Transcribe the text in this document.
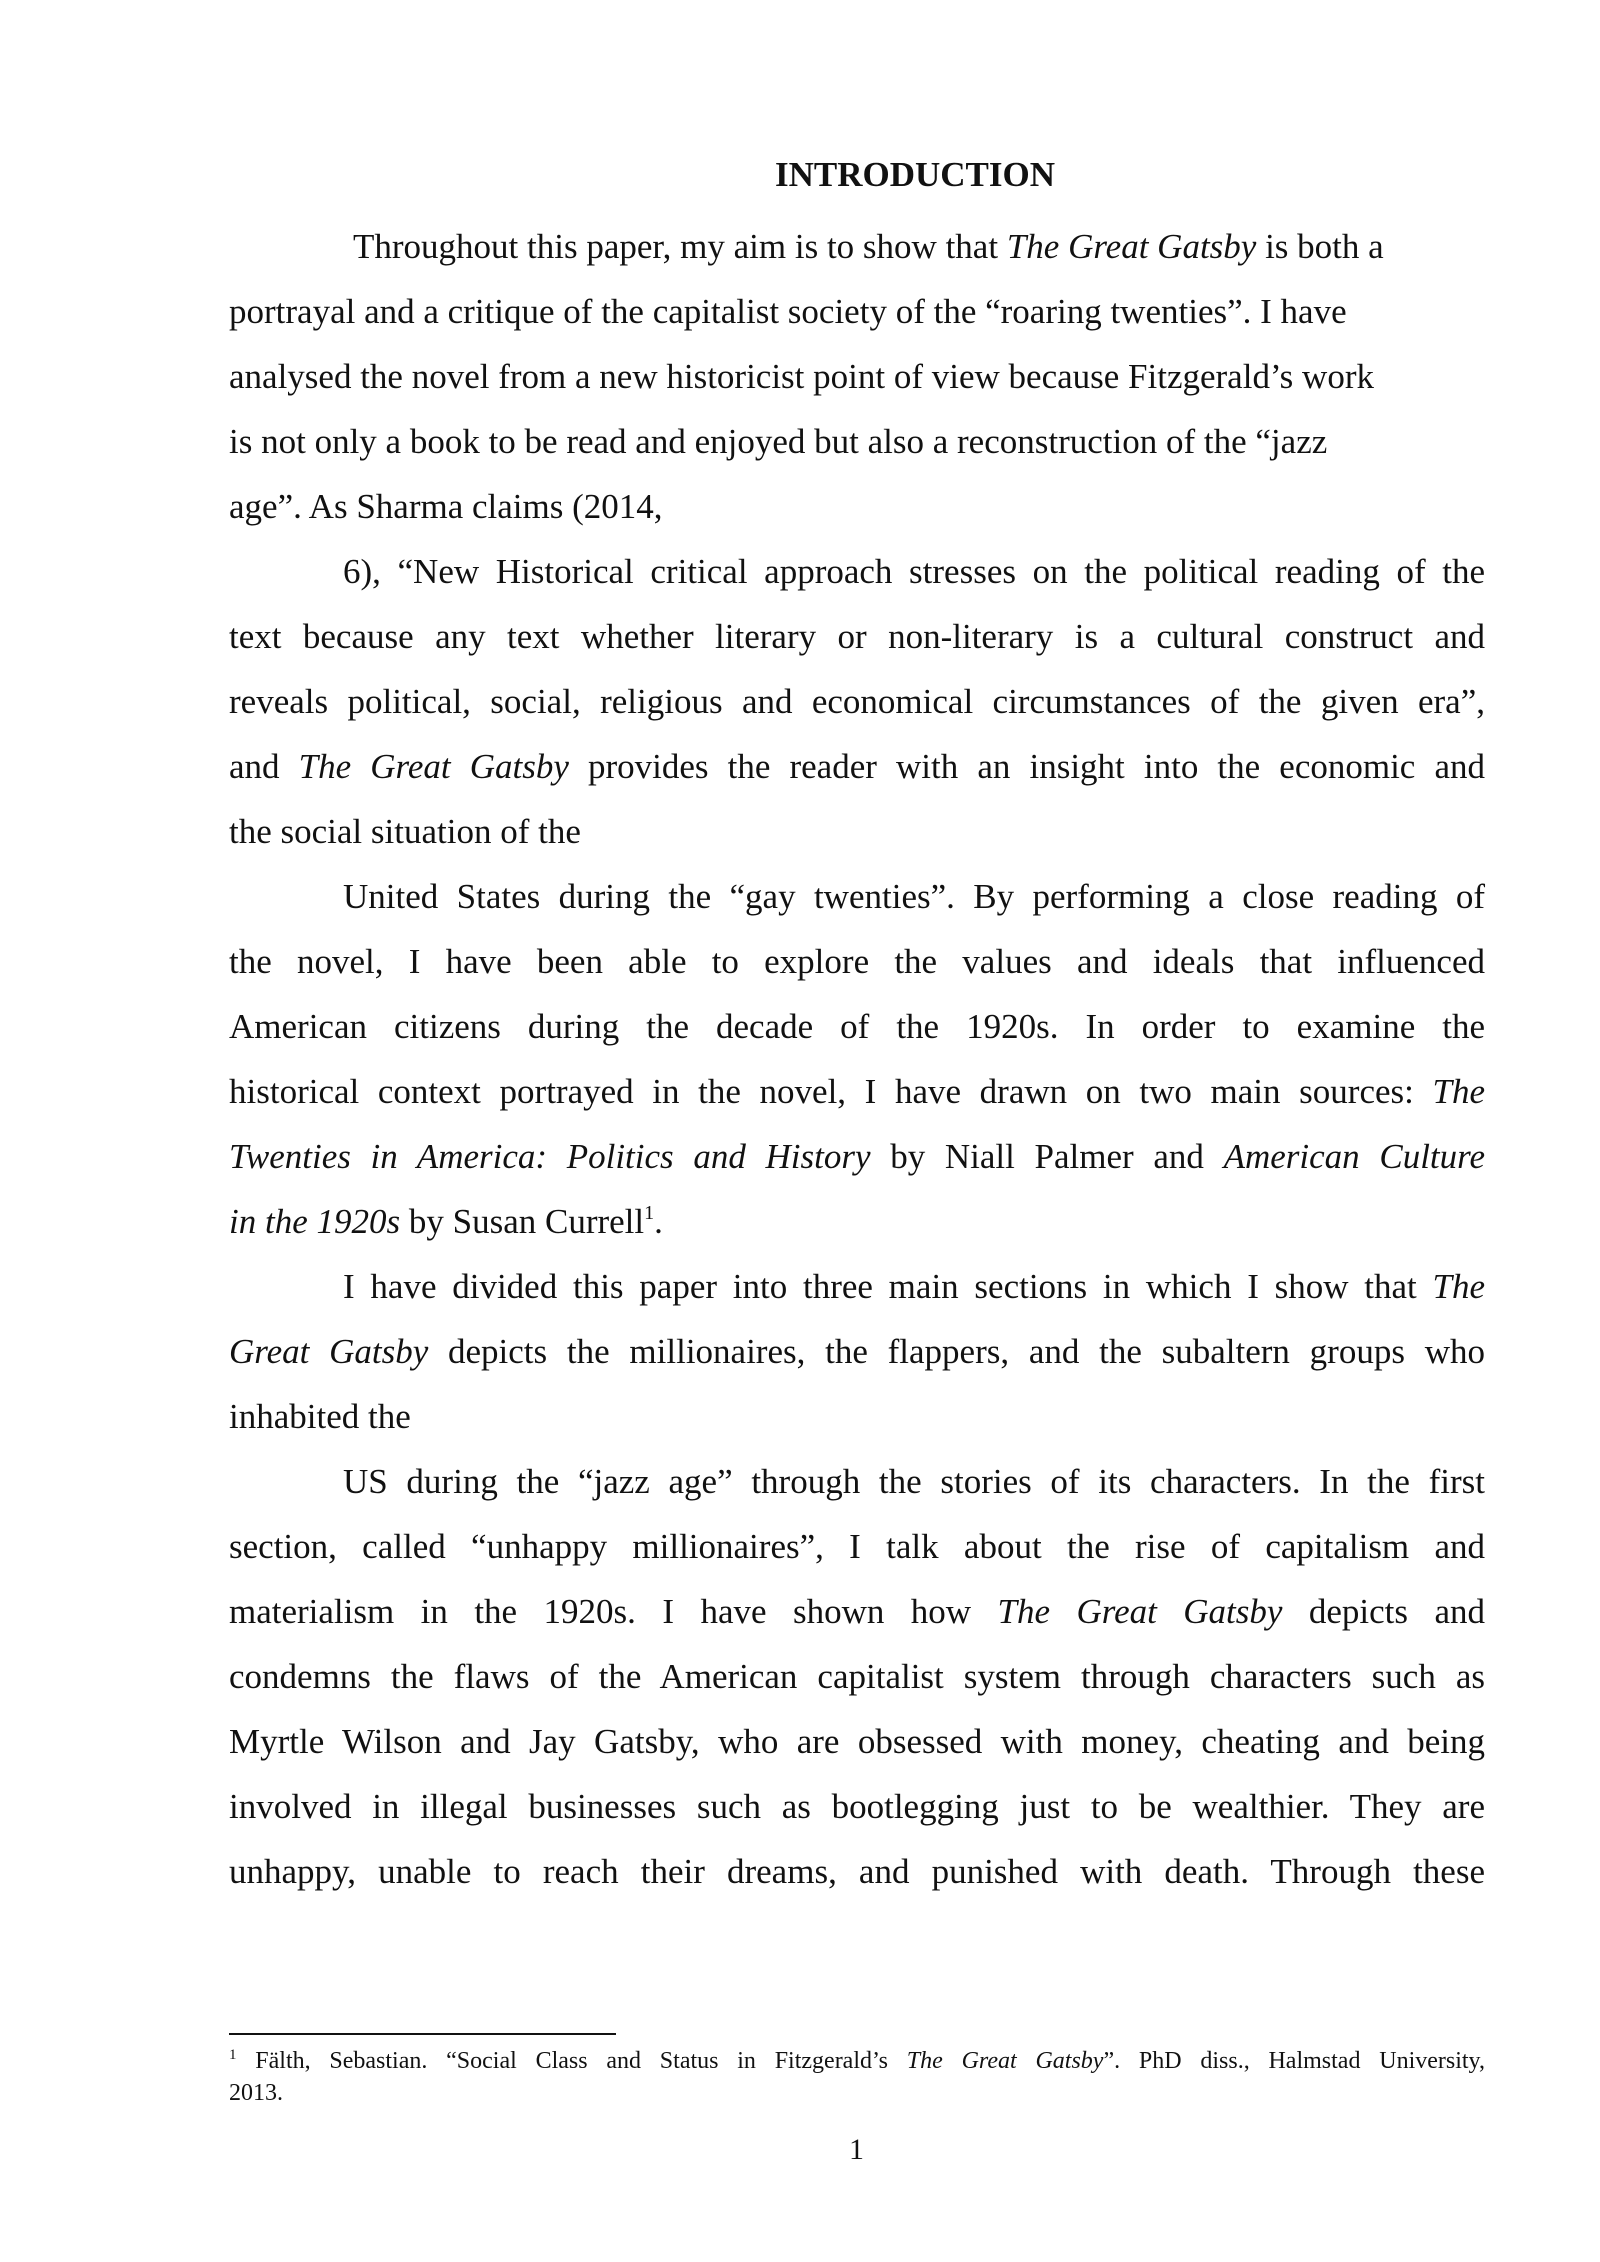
INTRODUCTION
Throughout this paper, my aim is to show that The Great Gatsby is both a
portrayal and a critique of the capitalist society of the “roaring twenties”. I have
analysed the novel from a new historicist point of view because Fitzgerald’s work
is not only a book to be read and enjoyed but also a reconstruction of the “jazz
age”. As Sharma claims (2014,
6), “New Historical critical approach stresses on the political reading of the
text because any text whether literary or non-literary is a cultural construct and
reveals political, social, religious and economical circumstances of the given era”,
and The Great Gatsby provides the reader with an insight into the economic and
the social situation of the
United States during the “gay twenties”. By performing a close reading of
the novel, I have been able to explore the values and ideals that influenced
American citizens during the decade of the 1920s. In order to examine the
historical context portrayed in the novel, I have drawn on two main sources: The
Twenties in America: Politics and History by Niall Palmer and American Culture
in the 1920s by Susan Currell$^1$.
I have divided this paper into three main sections in which I show that The
Great Gatsby depicts the millionaires, the flappers, and the subaltern groups who
inhabited the
US during the “jazz age” through the stories of its characters. In the first
section, called “unhappy millionaires”, I talk about the rise of capitalism and
materialism in the 1920s. I have shown how The Great Gatsby depicts and
condemns the flaws of the American capitalist system through characters such as
Myrtle Wilson and Jay Gatsby, who are obsessed with money, cheating and being
involved in illegal businesses such as bootlegging just to be wealthier. They are
unhappy, unable to reach their dreams, and punished with death. Through these
$^1$ Fälth, Sebastian. “Social Class and Status in Fitzgerald’s The Great Gatsby”. PhD diss., Halmstad University,
2013.
1
